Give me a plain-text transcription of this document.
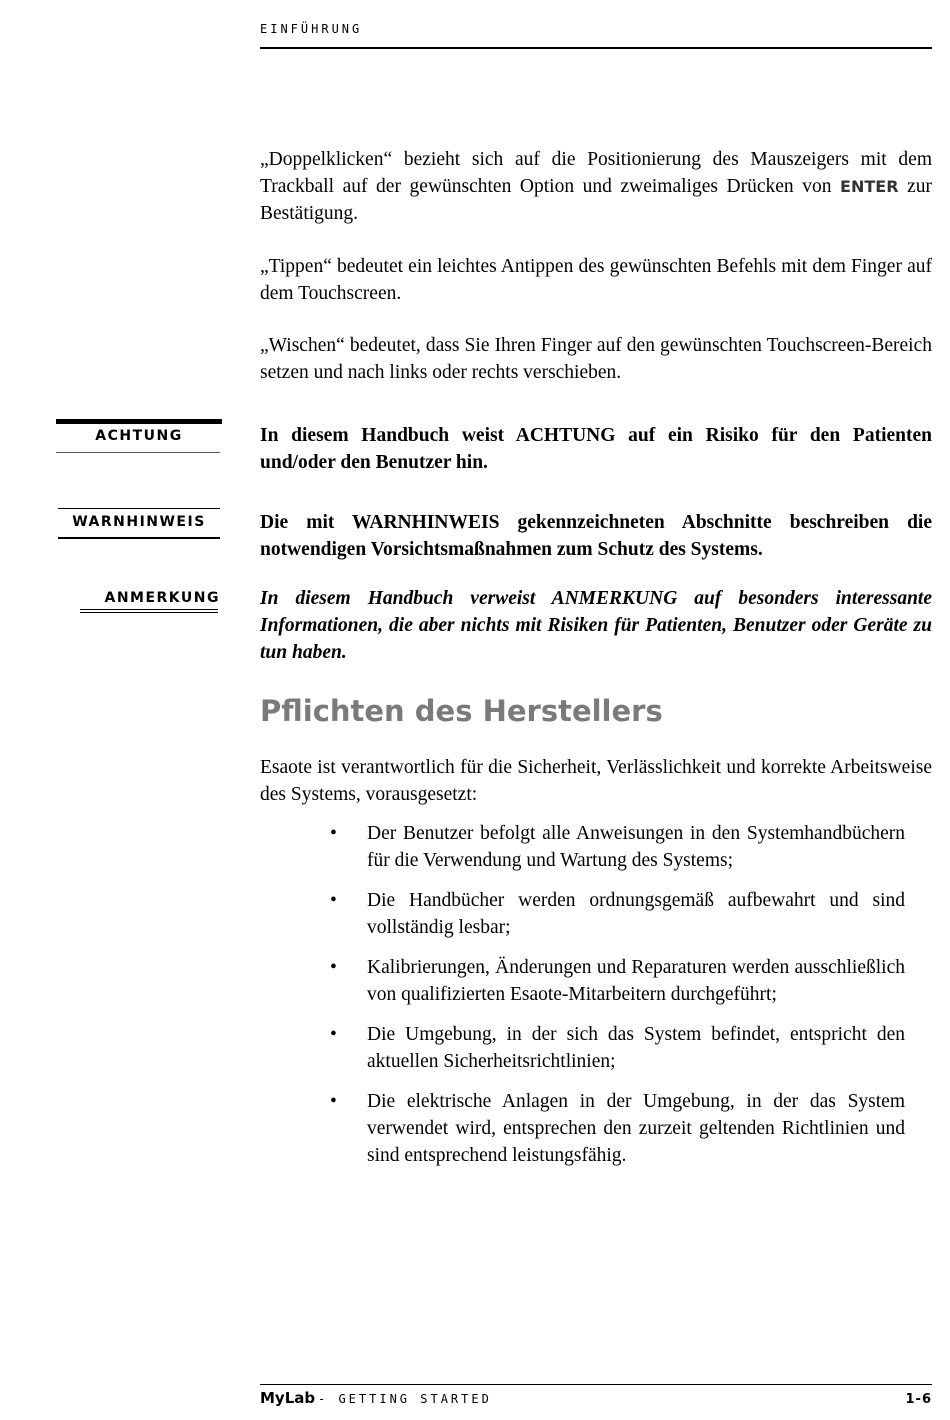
EINFÜHRUNG

„Doppelklicken“ bezieht sich auf die Positionierung des Mauszeigers mit dem Trackball auf der gewünschten Option und zweimaliges Drücken von ENTER zur Bestätigung.

„Tippen“ bedeutet ein leichtes Antippen des gewünschten Befehls mit dem Finger auf dem Touchscreen.

„Wischen“ bedeutet, dass Sie Ihren Finger auf den gewünschten Touchscreen-Bereich setzen und nach links oder rechts verschieben.

ACHTUNG	In diesem Handbuch weist ACHTUNG auf ein Risiko für den Patienten und/oder den Benutzer hin.

WARNHINWEIS	Die mit WARNHINWEIS gekennzeichneten Abschnitte beschreiben die notwendigen Vorsichtsmaßnahmen zum Schutz des Systems.

ANMERKUNG In diesem Handbuch verweist ANMERKUNG auf besonders interessante Informationen, die aber nichts mit Risiken für Patienten, Benutzer oder Geräte zu tun haben.

Pflichten des Herstellers

Esaote ist verantwortlich für die Sicherheit, Verlässlichkeit und korrekte Arbeitsweise des Systems, vorausgesetzt:

• Der Benutzer befolgt alle Anweisungen in den Systemhandbüchern für die Verwendung und Wartung des Systems;
• Die Handbücher werden ordnungsgemäß aufbewahrt und sind vollständig lesbar;
• Kalibrierungen, Änderungen und Reparaturen werden ausschließlich von qualifizierten Esaote-Mitarbeitern durchgeführt;
• Die Umgebung, in der sich das System befindet, entspricht den aktuellen Sicherheitsrichtlinien;
• Die elektrische Anlagen in der Umgebung, in der das System verwendet wird, entsprechen den zurzeit geltenden Richtlinien und sind entsprechend leistungsfähig.
MyLab - GETTING STARTED	1-6
